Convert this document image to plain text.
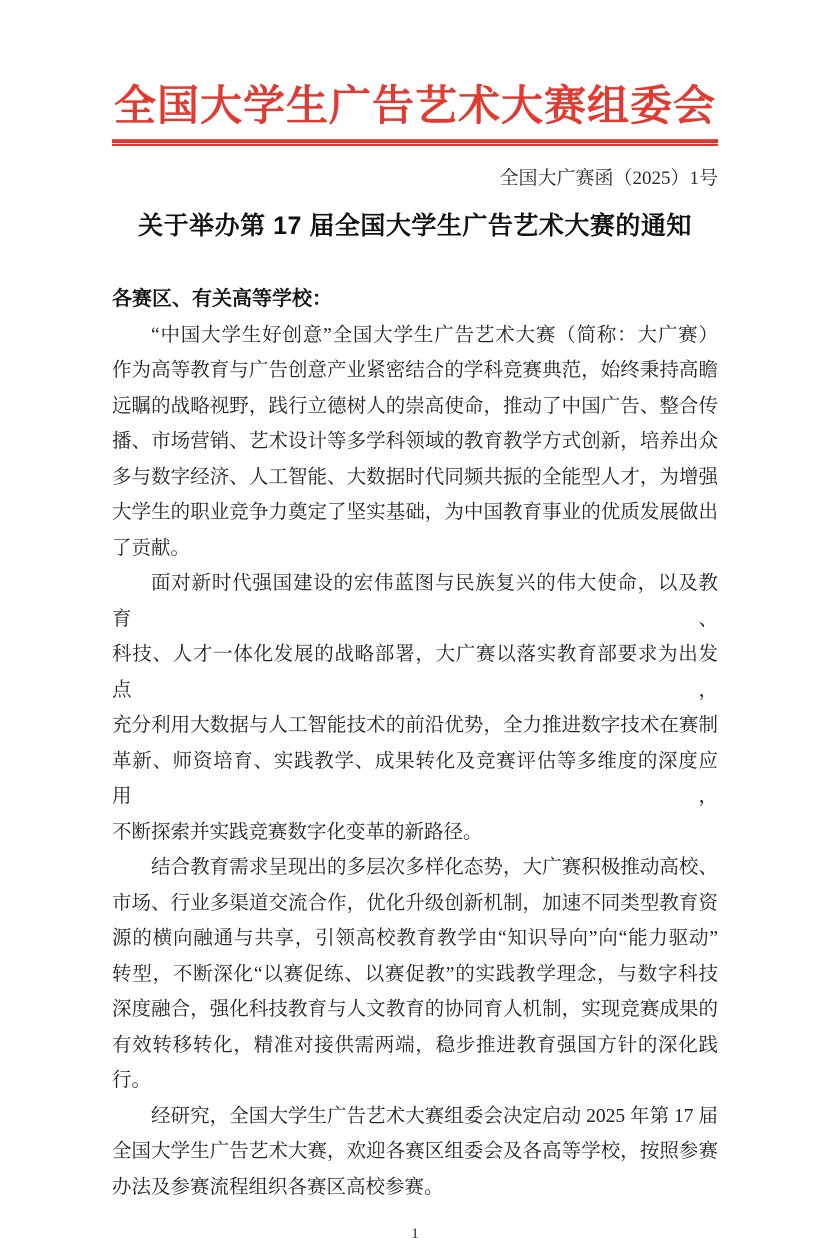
全国大学生广告艺术大赛组委会
全国大广赛函（2025）1号
关于举办第 17 届全国大学生广告艺术大赛的通知
各赛区、有关高等学校：
“中国大学生好创意”全国大学生广告艺术大赛（简称：大广赛）
作为高等教育与广告创意产业紧密结合的学科竞赛典范，始终秉持高瞻
远瞩的战略视野，践行立德树人的崇高使命，推动了中国广告、整合传
播、市场营销、艺术设计等多学科领域的教育教学方式创新，培养出众
多与数字经济、人工智能、大数据时代同频共振的全能型人才，为增强
大学生的职业竞争力奠定了坚实基础，为中国教育事业的优质发展做出
了贡献。
面对新时代强国建设的宏伟蓝图与民族复兴的伟大使命，以及教育、
科技、人才一体化发展的战略部署，大广赛以落实教育部要求为出发点，
充分利用大数据与人工智能技术的前沿优势，全力推进数字技术在赛制
革新、师资培育、实践教学、成果转化及竞赛评估等多维度的深度应用，
不断探索并实践竞赛数字化变革的新路径。
结合教育需求呈现出的多层次多样化态势，大广赛积极推动高校、
市场、行业多渠道交流合作，优化升级创新机制，加速不同类型教育资
源的横向融通与共享，引领高校教育教学由“知识导向”向“能力驱动”
转型，不断深化“以赛促练、以赛促教”的实践教学理念，与数字科技
深度融合，强化科技教育与人文教育的协同育人机制，实现竞赛成果的
有效转移转化，精准对接供需两端，稳步推进教育强国方针的深化践行。
经研究，全国大学生广告艺术大赛组委会决定启动 2025 年第 17 届
全国大学生广告艺术大赛，欢迎各赛区组委会及各高等学校，按照参赛
办法及参赛流程组织各赛区高校参赛。
1
